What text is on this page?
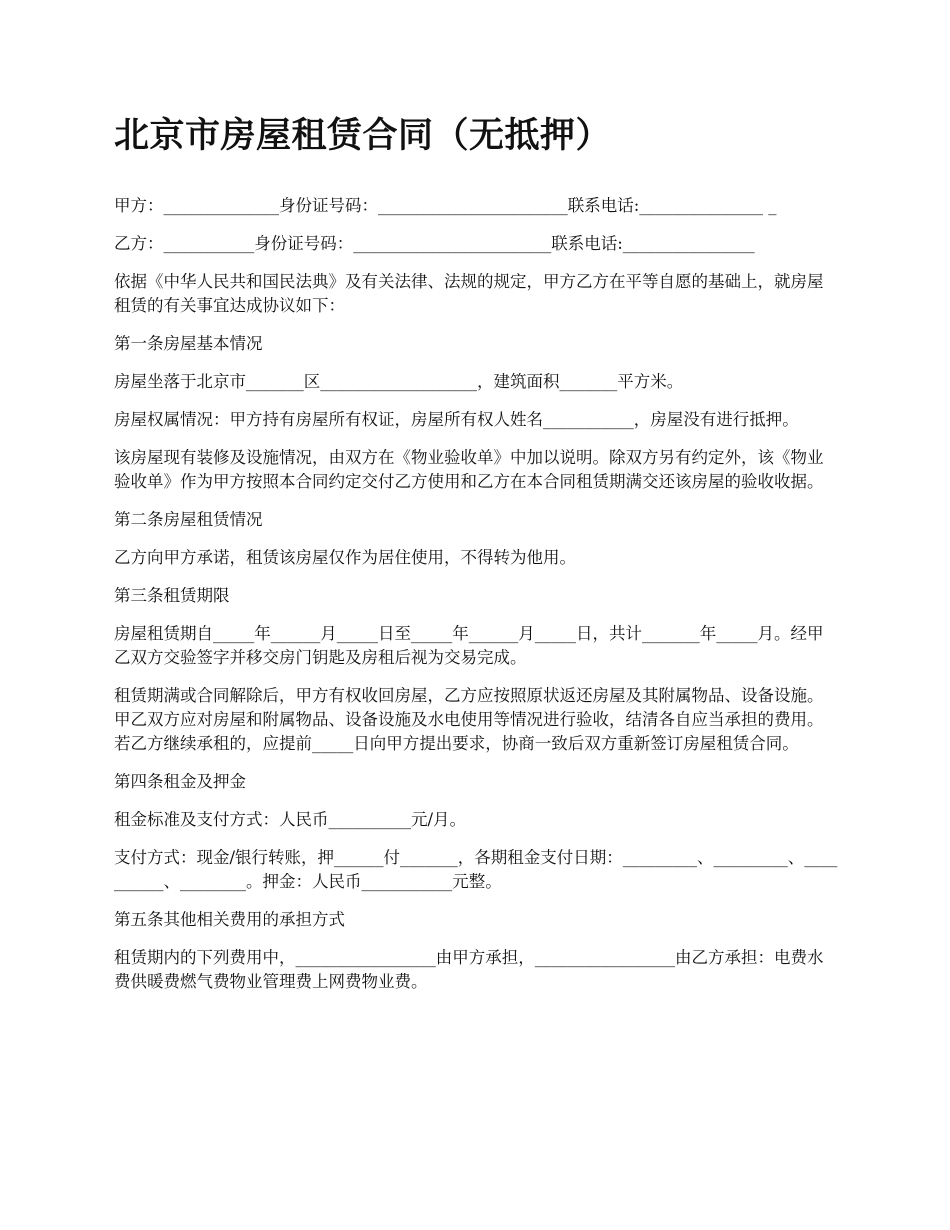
北京市房屋租赁合同（无抵押）

甲方：______________身份证号码：_______________________联系电话:_______________ _

乙方：___________身份证号码：________________________联系电话:________________

依据《中华人民共和国民法典》及有关法律、法规的规定，甲方乙方在平等自愿的基础上，就房屋租赁的有关事宜达成协议如下：

第一条房屋基本情况

房屋坐落于北京市_______区___________________，建筑面积_______平方米。

房屋权属情况：甲方持有房屋所有权证，房屋所有权人姓名___________，房屋没有进行抵押。

该房屋现有装修及设施情况，由双方在《物业验收单》中加以说明。除双方另有约定外，该《物业验收单》作为甲方按照本合同约定交付乙方使用和乙方在本合同租赁期满交还该房屋的验收收据。

第二条房屋租赁情况

乙方向甲方承诺，租赁该房屋仅作为居住使用，不得转为他用。

第三条租赁期限

房屋租赁期自_____年______月_____日至_____年______月_____日，共计_______年_____月。经甲乙双方交验签字并移交房门钥匙及房租后视为交易完成。

租赁期满或合同解除后，甲方有权收回房屋，乙方应按照原状返还房屋及其附属物品、设备设施。甲乙双方应对房屋和附属物品、设备设施及水电使用等情况进行验收，结清各自应当承担的费用。若乙方继续承租的，应提前_____日向甲方提出要求，协商一致后双方重新签订房屋租赁合同。

第四条租金及押金

租金标准及支付方式：人民币__________元/月。

支付方式：现金/银行转账，押______付_______，各期租金支付日期：_________、_________、__________、________。押金：人民币___________元整。

第五条其他相关费用的承担方式

租赁期内的下列费用中，_________________由甲方承担，_________________由乙方承担：电费水费供暖费燃气费物业管理费上网费物业费。
